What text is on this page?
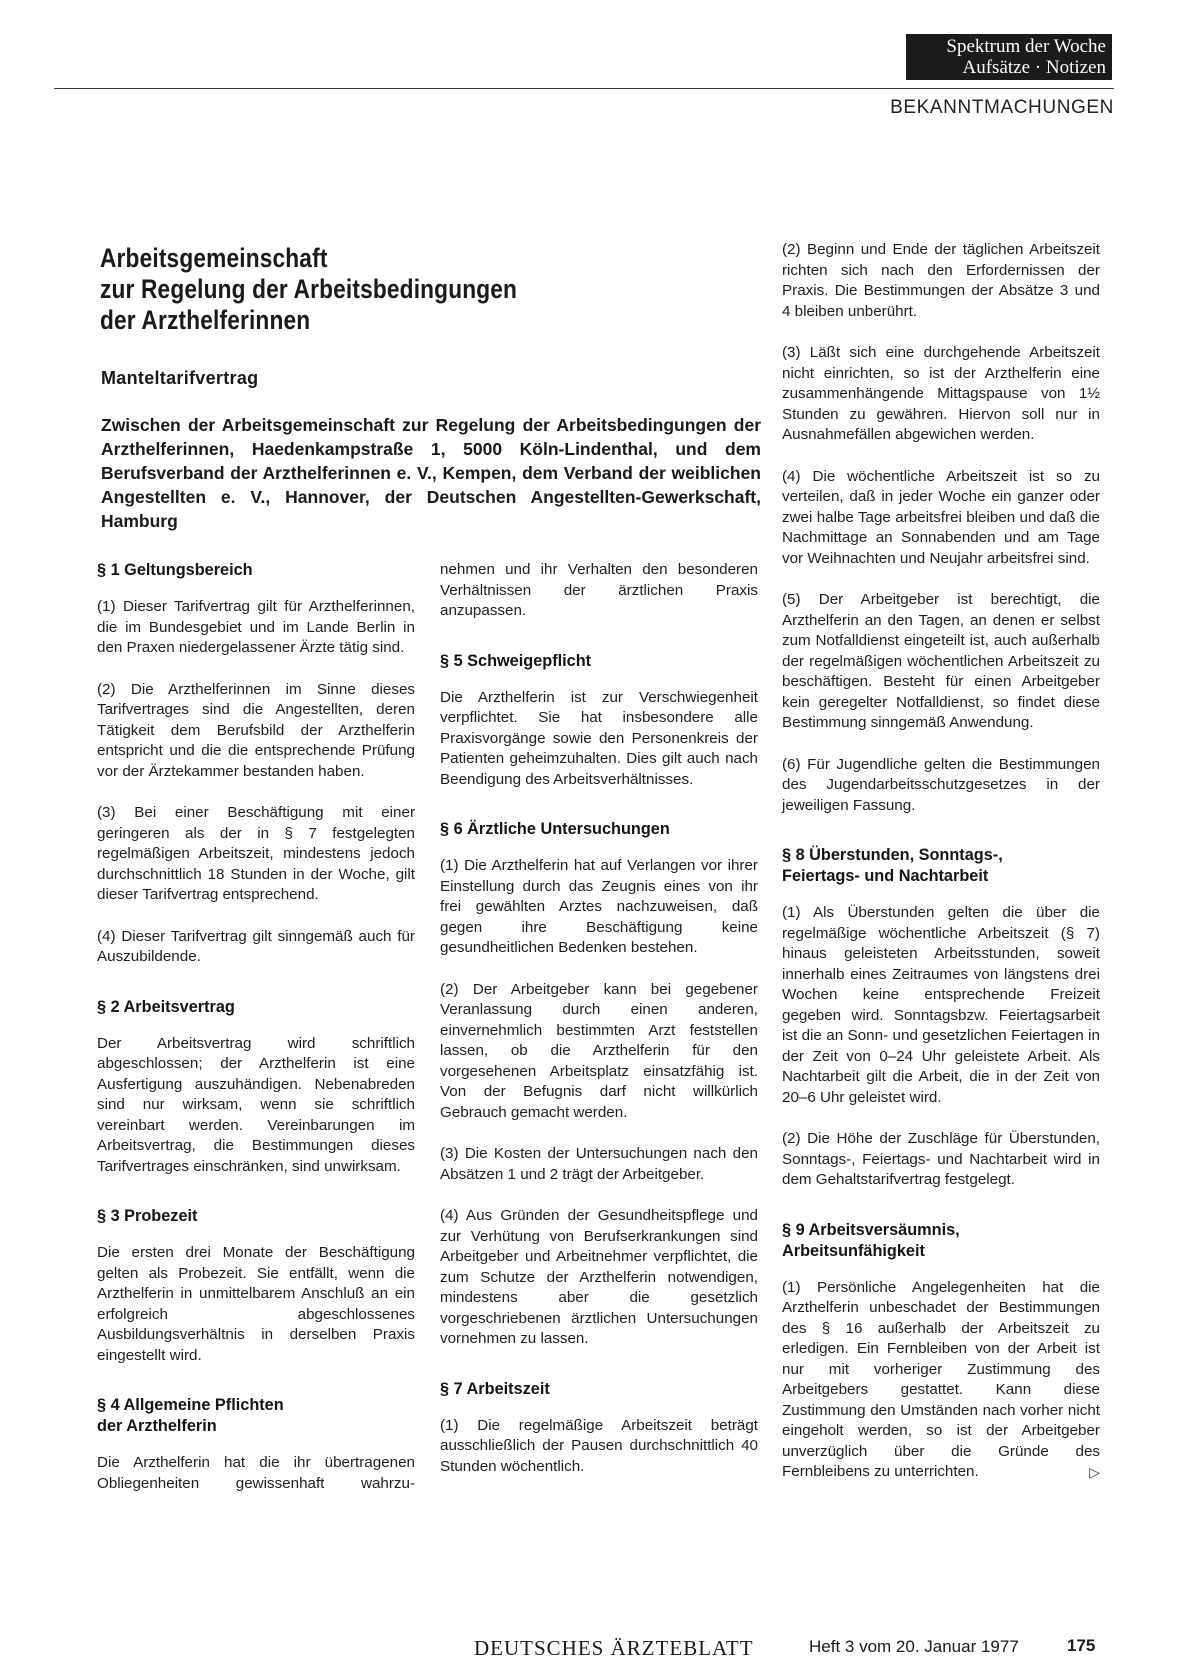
Spektrum der Woche
Aufsätze · Notizen
BEKANNTMACHUNGEN
Arbeitsgemeinschaft
zur Regelung der Arbeitsbedingungen
der Arzthelferinnen
Manteltarifvertrag
Zwischen der Arbeitsgemeinschaft zur Regelung der Arbeitsbedingungen der Arzthelferinnen, Haedenkampstraße 1, 5000 Köln-Lindenthal, und dem Berufsverband der Arzthelferinnen e. V., Kempen, dem Verband der weiblichen Angestellten e. V., Hannover, der Deutschen Angestellten-Gewerkschaft, Hamburg
§ 1 Geltungsbereich

(1) Dieser Tarifvertrag gilt für Arzthelferinnen, die im Bundesgebiet und im Lande Berlin in den Praxen niedergelassener Ärzte tätig sind.

(2) Die Arzthelferinnen im Sinne dieses Tarifvertrages sind die Angestellten, deren Tätigkeit dem Berufsbild der Arzthelferin entspricht und die die entsprechende Prüfung vor der Ärztekammer bestanden haben.

(3) Bei einer Beschäftigung mit einer geringeren als der in § 7 festgelegten regelmäßigen Arbeitszeit, mindestens jedoch durchschnittlich 18 Stunden in der Woche, gilt dieser Tarifvertrag entsprechend.

(4) Dieser Tarifvertrag gilt sinngemäß auch für Auszubildende.

§ 2 Arbeitsvertrag

Der Arbeitsvertrag wird schriftlich abgeschlossen; der Arzthelferin ist eine Ausfertigung auszuhändigen. Nebenabreden sind nur wirksam, wenn sie schriftlich vereinbart werden. Vereinbarungen im Arbeitsvertrag, die Bestimmungen dieses Tarifvertrages einschränken, sind unwirksam.

§ 3 Probezeit

Die ersten drei Monate der Beschäftigung gelten als Probezeit. Sie entfällt, wenn die Arzthelferin in unmittelbarem Anschluß an ein erfolgreich abgeschlossenes Ausbildungsverhältnis in derselben Praxis eingestellt wird.

§ 4 Allgemeine Pflichten
der Arzthelferin

Die Arzthelferin hat die ihr übertragenen Obliegenheiten gewissenhaft wahrzu-

nehmen und ihr Verhalten den besonderen Verhältnissen der ärztlichen Praxis anzupassen.

§ 5 Schweigepflicht

Die Arzthelferin ist zur Verschwiegenheit verpflichtet. Sie hat insbesondere alle Praxisvorgänge sowie den Personenkreis der Patienten geheimzuhalten. Dies gilt auch nach Beendigung des Arbeitsverhältnisses.

§ 6 Ärztliche Untersuchungen

(1) Die Arzthelferin hat auf Verlangen vor ihrer Einstellung durch das Zeugnis eines von ihr frei gewählten Arztes nachzuweisen, daß gegen ihre Beschäftigung keine gesundheitlichen Bedenken bestehen.

(2) Der Arbeitgeber kann bei gegebener Veranlassung durch einen anderen, einvernehmlich bestimmten Arzt feststellen lassen, ob die Arzthelferin für den vorgesehenen Arbeitsplatz einsatzfähig ist. Von der Befugnis darf nicht willkürlich Gebrauch gemacht werden.

(3) Die Kosten der Untersuchungen nach den Absätzen 1 und 2 trägt der Arbeitgeber.

(4) Aus Gründen der Gesundheitspflege und zur Verhütung von Berufserkrankungen sind Arbeitgeber und Arbeitnehmer verpflichtet, die zum Schutze der Arzthelferin notwendigen, mindestens aber die gesetzlich vorgeschriebenen ärztlichen Untersuchungen vornehmen zu lassen.

§ 7 Arbeitszeit

(1) Die regelmäßige Arbeitszeit beträgt ausschließlich der Pausen durchschnittlich 40 Stunden wöchentlich.

(2) Beginn und Ende der täglichen Arbeitszeit richten sich nach den Erfordernissen der Praxis. Die Bestimmungen der Absätze 3 und 4 bleiben unberührt.

(3) Läßt sich eine durchgehende Arbeitszeit nicht einrichten, so ist der Arzthelferin eine zusammenhängende Mittagspause von 1½ Stunden zu gewähren. Hiervon soll nur in Ausnahmefällen abgewichen werden.

(4) Die wöchentliche Arbeitszeit ist so zu verteilen, daß in jeder Woche ein ganzer oder zwei halbe Tage arbeitsfrei bleiben und daß die Nachmittage an Sonnabenden und am Tage vor Weihnachten und Neujahr arbeitsfrei sind.

(5) Der Arbeitgeber ist berechtigt, die Arzthelferin an den Tagen, an denen er selbst zum Notfalldienst eingeteilt ist, auch außerhalb der regelmäßigen wöchentlichen Arbeitszeit zu beschäftigen. Besteht für einen Arbeitgeber kein geregelter Notfalldienst, so findet diese Bestimmung sinngemäß Anwendung.

(6) Für Jugendliche gelten die Bestimmungen des Jugendarbeitsschutzgesetzes in der jeweiligen Fassung.

§ 8 Überstunden, Sonntags-,
Feiertags- und Nachtarbeit

(1) Als Überstunden gelten die über die regelmäßige wöchentliche Arbeitszeit (§ 7) hinaus geleisteten Arbeitsstunden, soweit innerhalb eines Zeitraumes von längstens drei Wochen keine entsprechende Freizeit gegeben wird. Sonntagsbzw. Feiertagsarbeit ist die an Sonn- und gesetzlichen Feiertagen in der Zeit von 0–24 Uhr geleistete Arbeit. Als Nachtarbeit gilt die Arbeit, die in der Zeit von 20–6 Uhr geleistet wird.

(2) Die Höhe der Zuschläge für Überstunden, Sonntags-, Feiertags- und Nachtarbeit wird in dem Gehaltstarifvertrag festgelegt.

§ 9 Arbeitsversäumnis,
Arbeitsunfähigkeit

(1) Persönliche Angelegenheiten hat die Arzthelferin unbeschadet der Bestimmungen des § 16 außerhalb der Arbeitszeit zu erledigen. Ein Fernbleiben von der Arbeit ist nur mit vorheriger Zustimmung des Arbeitgebers gestattet. Kann diese Zustimmung den Umständen nach vorher nicht eingeholt werden, so ist der Arbeitgeber unverzüglich über die Gründe des Fernbleibens zu unterrichten.	▷

DEUTSCHES ÄRZTEBLATT	Heft 3 vom 20. Januar 1977	175
